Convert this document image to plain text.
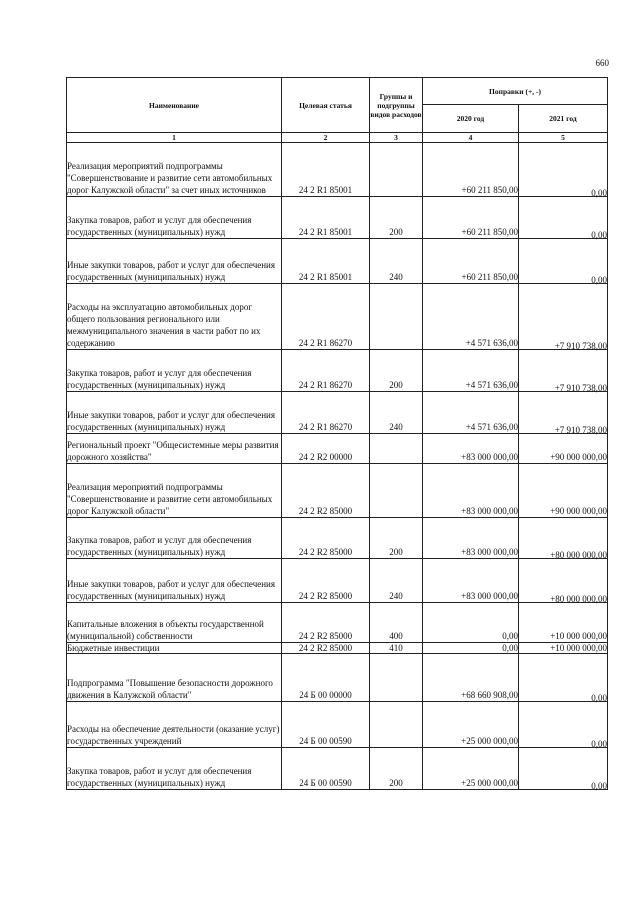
660
Наименование	Целевая статья	Группы и подгруппы видов расходов	Поправки (+, -)	
			2020 год	2021 год
1	2	3	4	5
Реализация мероприятий подпрограммы "Совершенствование и развитие сети автомобильных дорог Калужской области" за счет иных источников	24 2 R1 85001		+60 211 850,00	0,00
Закупка товаров, работ и услуг для обеспечения государственных (муниципальных) нужд	24 2 R1 85001	200	+60 211 850,00	0,00
Иные закупки товаров, работ и услуг для обеспечения государственных (муниципальных) нужд	24 2 R1 85001	240	+60 211 850,00	0,00
Расходы на эксплуатацию автомобильных дорог общего пользования регионального или межмуниципального значения в части работ по их содержанию	24 2 R1 86270		+4 571 636,00	+7 910 738,00
Закупка товаров, работ и услуг для обеспечения государственных (муниципальных) нужд	24 2 R1 86270	200	+4 571 636,00	+7 910 738,00
Иные закупки товаров, работ и услуг для обеспечения государственных (муниципальных) нужд	24 2 R1 86270	240	+4 571 636,00	+7 910 738,00
Региональный проект "Общесистемные меры развития дорожного хозяйства"	24 2 R2 00000		+83 000 000,00	+90 000 000,00
Реализация мероприятий подпрограммы "Совершенствование и развитие сети автомобильных дорог Калужской области"	24 2 R2 85000		+83 000 000,00	+90 000 000,00
Закупка товаров, работ и услуг для обеспечения государственных (муниципальных) нужд	24 2 R2 85000	200	+83 000 000,00	+80 000 000,00
Иные закупки товаров, работ и услуг для обеспечения государственных (муниципальных) нужд	24 2 R2 85000	240	+83 000 000,00	+80 000 000,00
Капитальные вложения в объекты государственной (муниципальной) собственности	24 2 R2 85000	400	0,00	+10 000 000,00
Бюджетные инвестиции	24 2 R2 85000	410	0,00	+10 000 000,00
Подпрограмма "Повышение безопасности дорожного движения в Калужской области"	24 Б 00 00000		+68 660 908,00	0,00
Расходы на обеспечение деятельности (оказание услуг) государственных учреждений	24 Б 00 00590		+25 000 000,00	0,00
Закупка товаров, работ и услуг для обеспечения государственных (муниципальных) нужд	24 Б 00 00590	200	+25 000 000,00	0,00
